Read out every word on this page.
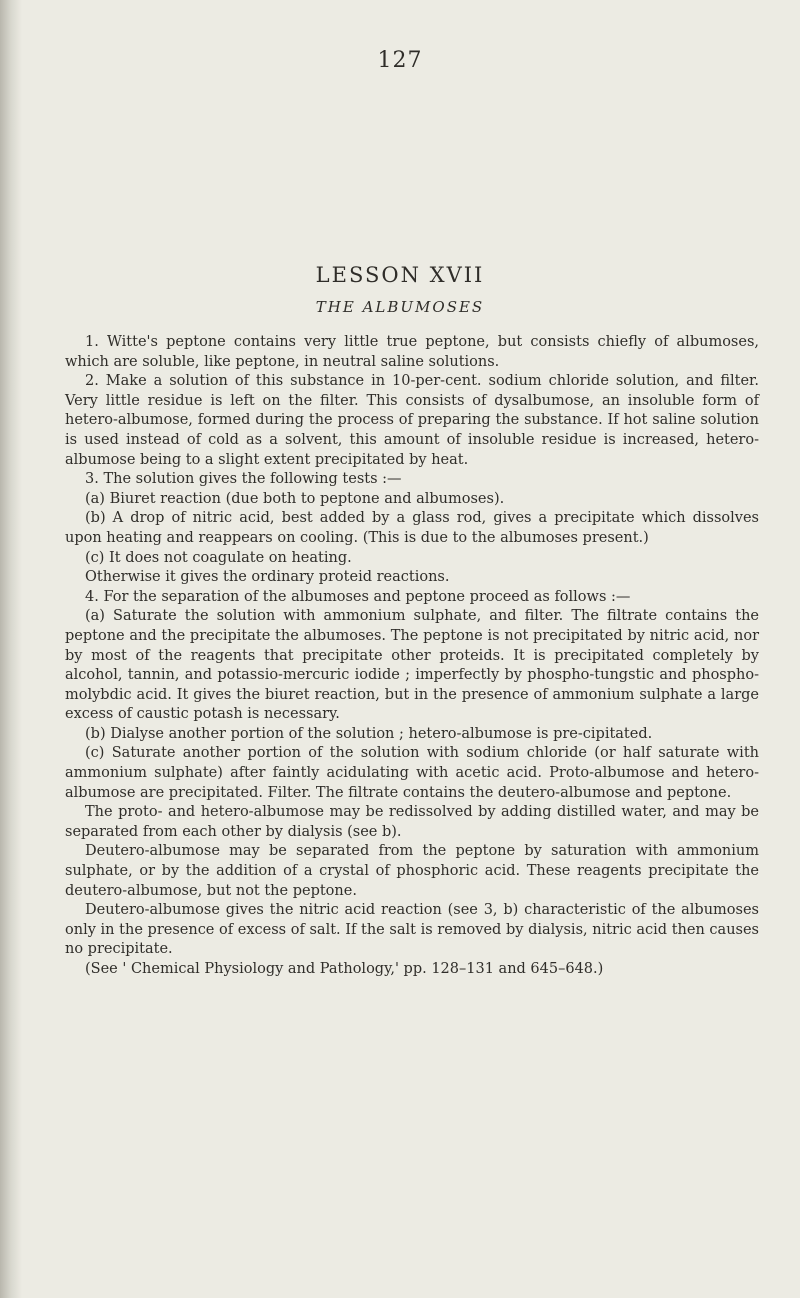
127
LESSON XVII
THE ALBUMOSES

1. Witte's peptone contains very little true peptone, but consists chiefly of albumoses, which are soluble, like peptone, in neutral saline solutions.

2. Make a solution of this substance in 10-per-cent. sodium chloride solution, and filter. Very little residue is left on the filter. This consists of dysalbumose, an insoluble form of hetero-albumose, formed during the process of preparing the substance. If hot saline solution is used instead of cold as a solvent, this amount of insoluble residue is increased, hetero-albumose being to a slight extent precipitated by heat.

3. The solution gives the following tests :—

(a) Biuret reaction (due both to peptone and albumoses).

(b) A drop of nitric acid, best added by a glass rod, gives a precipitate which dissolves upon heating and reappears on cooling. (This is due to the albumoses present.)

(c) It does not coagulate on heating.

Otherwise it gives the ordinary proteid reactions.

4. For the separation of the albumoses and peptone proceed as follows :—

(a) Saturate the solution with ammonium sulphate, and filter. The filtrate contains the peptone and the precipitate the albumoses. The peptone is not precipitated by nitric acid, nor by most of the reagents that precipitate other proteids. It is precipitated completely by alcohol, tannin, and potassio-mercuric iodide ; imperfectly by phospho-tungstic and phospho-molybdic acid. It gives the biuret reaction, but in the presence of ammonium sulphate a large excess of caustic potash is necessary.

(b) Dialyse another portion of the solution ; hetero-albumose is pre-cipitated.

(c) Saturate another portion of the solution with sodium chloride (or half saturate with ammonium sulphate) after faintly acidulating with acetic acid. Proto-albumose and hetero-albumose are precipitated. Filter. The filtrate contains the deutero-albumose and peptone.

The proto- and hetero-albumose may be redissolved by adding distilled water, and may be separated from each other by dialysis (see b).

Deutero-albumose may be separated from the peptone by saturation with ammonium sulphate, or by the addition of a crystal of phosphoric acid. These reagents precipitate the deutero-albumose, but not the peptone.

Deutero-albumose gives the nitric acid reaction (see 3, b) characteristic of the albumoses only in the presence of excess of salt. If the salt is removed by dialysis, nitric acid then causes no precipitate.

(See ' Chemical Physiology and Pathology,' pp. 128–131 and 645–648.)
